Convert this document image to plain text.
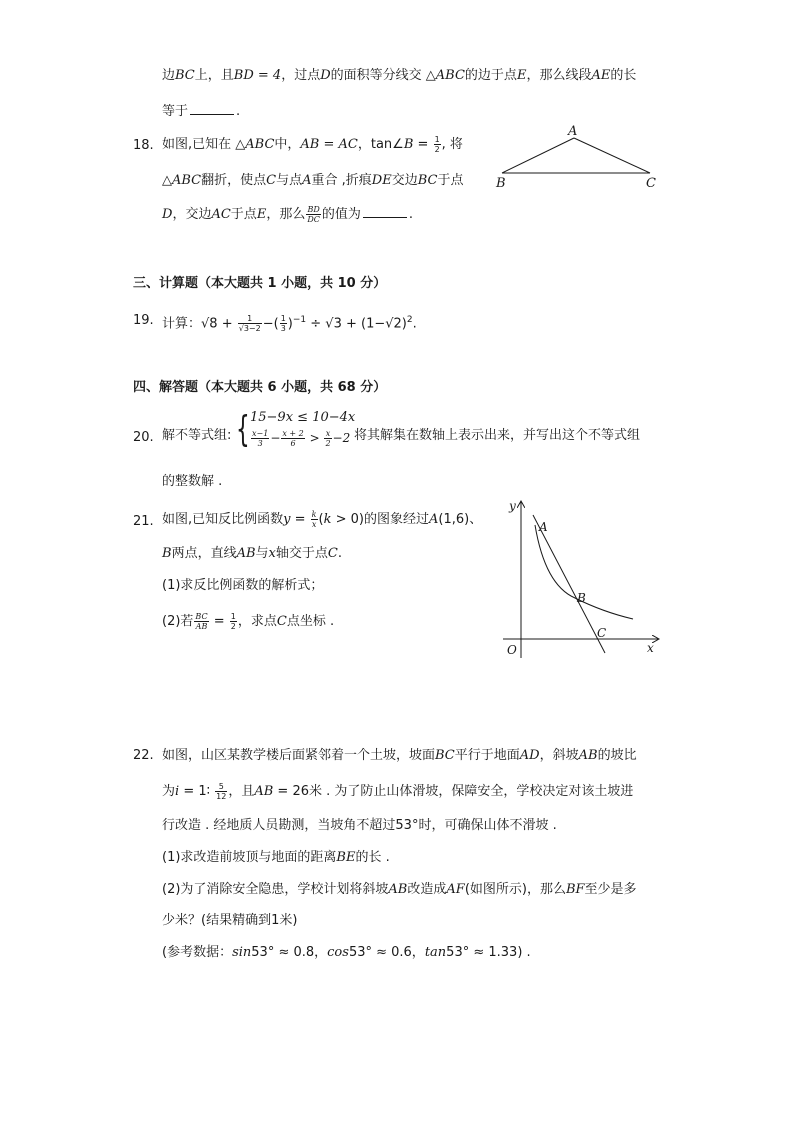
边BC上，且BD = 4，过点D的面积等分线交 △ABC的边于点E，那么线段AE的长
等于	.
18. 如图,已知在 △ABC中，AB = AC，tan∠B = $\frac{1}{2}$ , 将
△ABC翻折，使点C与点A重合 ,折痕DE交边BC于点
D，交边AC于点E，那么 $\frac{BD}{DC}$ 的值为	.
A
B	C
三、计算题（本大题共 1 小题，共 10 分）
19. 计算：$√8 + \frac{1}{√3-2}$ −( $\frac{1}{3} )^{-1} \div √3 + (1-√2)^2$.
四、解答题（本大题共 6 小题，共 68 分）
20. 解不等式组: { 15−9x ≤ 10−4x
$\frac{x-1}{3} - \frac{x + 2}{6} > \frac{x}{2} -2$ 将其解集在数轴上表示出来，并写出这个不等式组
的整数解 .
21. 如图,已知反比例函数$y = \frac{k}{x} (k > 0)$的图象经过A(1,6)、
B两点，直线AB与x轴交于点C.
(1)求反比例函数的解析式；
(2)若 $\frac{BC}{AB} = \frac{1}{2}$ ，求点C点坐标 .
y
x
O
A
B
C
22. 如图，山区某教学楼后面紧邻着一个土坡，坡面BC平行于地面AD，斜坡AB的坡比
为i = 1∶ $\frac{5}{12}$ ，且AB = 26米 . 为了防止山体滑坡，保障安全，学校决定对该土坡进
行改造 . 经地质人员勘测，当坡角不超过53°时，可确保山体不滑坡 .
(1)求改造前坡顶与地面的距离BE的长 .
(2)为了消除安全隐患，学校计划将斜坡AB改造成AF(如图所示)，那么BF至少是多
少米？(结果精确到1米)
(参考数据：sin53° ≈ 0.8，cos53° ≈ 0.6，tan53° ≈ 1.33) .
